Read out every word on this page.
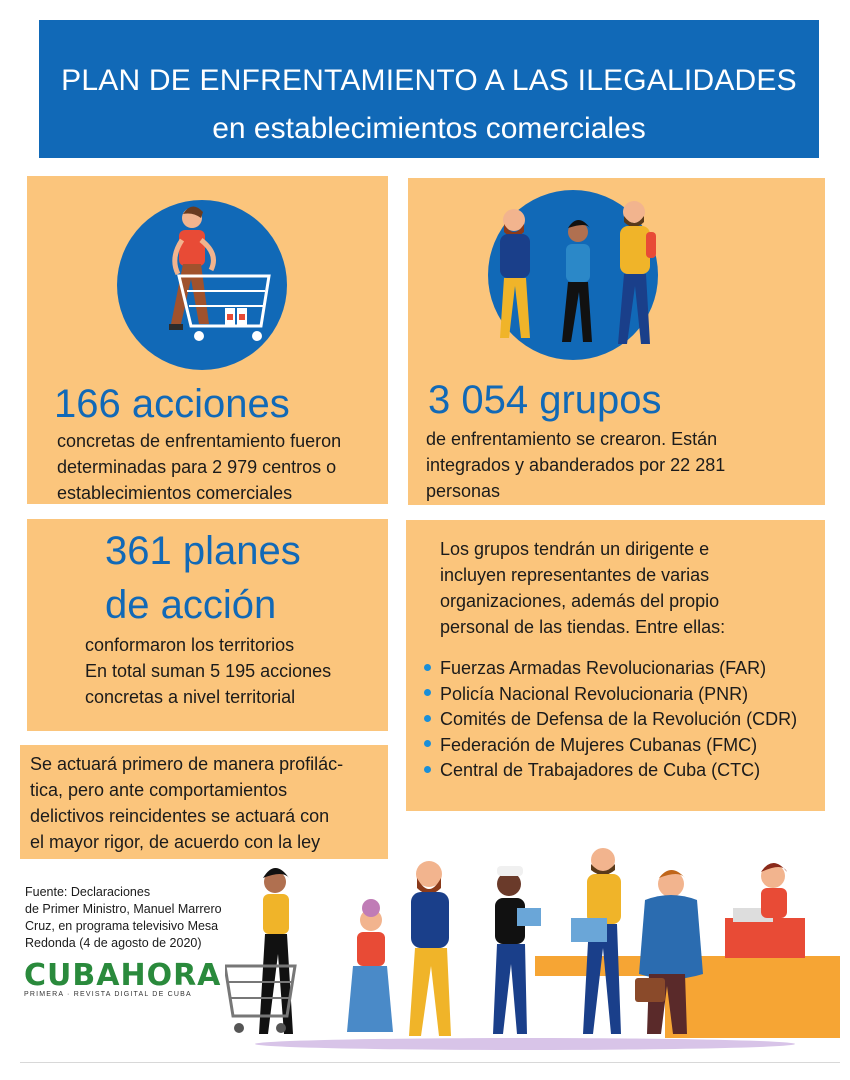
PLAN DE ENFRENTAMIENTO A LAS ILEGALIDADES
en establecimientos comerciales
166 acciones
concretas de enfrentamiento fueron
determinadas para 2 979 centros o
establecimientos comerciales
3 054 grupos
de enfrentamiento se crearon. Están
integrados y abanderados por 22 281
personas
361 planes
de acción
conformaron los territorios
En total suman 5 195 acciones
concretas a nivel territorial
Los grupos tendrán un dirigente e
incluyen representantes de varias
organizaciones, además del propio
personal de las tiendas. Entre ellas:
Fuerzas Armadas Revolucionarias (FAR)
Policía Nacional Revolucionaria (PNR)
Comités de Defensa de la Revolución (CDR)
Federación de Mujeres Cubanas (FMC)
Central de Trabajadores de Cuba (CTC)
Se actuará primero de manera profilác-
tica, pero ante comportamientos
delictivos reincidentes se actuará con
el mayor rigor, de acuerdo con la ley
Fuente: Declaraciones
de Primer Ministro, Manuel Marrero
Cruz, en programa televisivo Mesa
Redonda (4 de agosto de 2020)
CUBAHORA
PRIMERA · REVISTA DIGITAL DE CUBA
